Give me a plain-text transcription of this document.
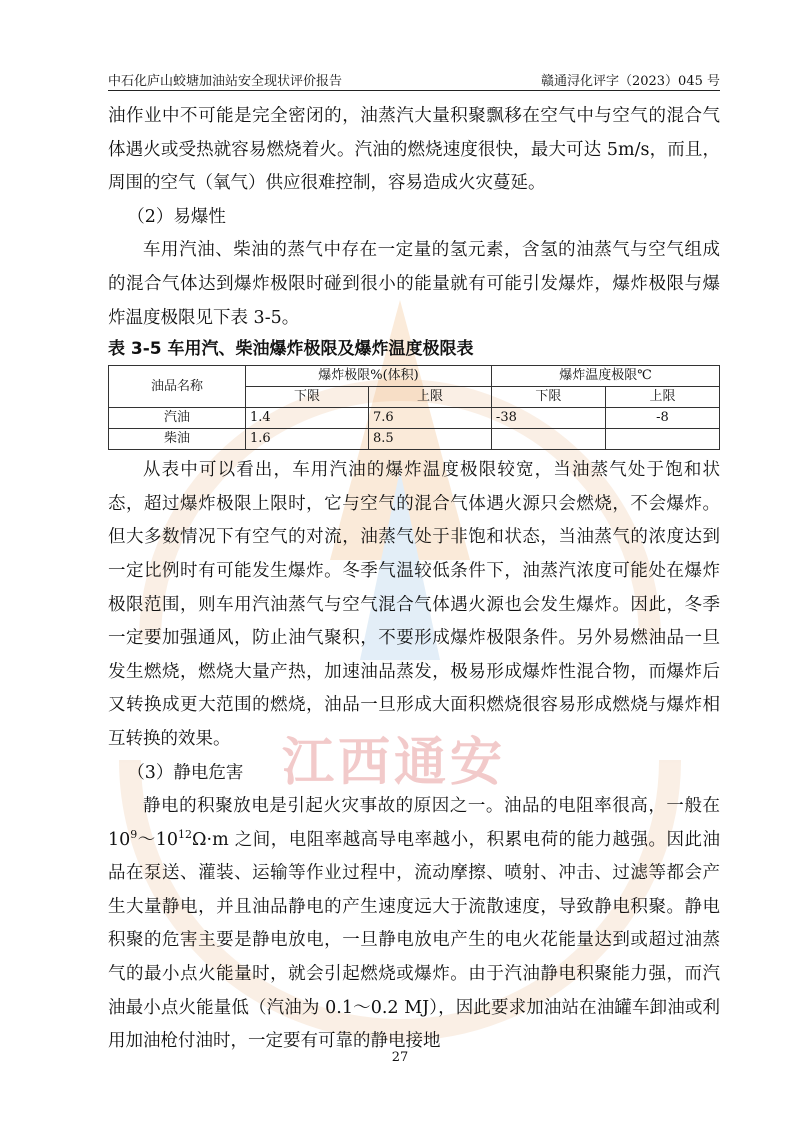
中石化庐山蛟塘加油站安全现状评价报告	赣通浔化评字（2023）045 号

油作业中不可能是完全密闭的，油蒸汽大量积聚飘移在空气中与空气的混合气体遇火或受热就容易燃烧着火。汽油的燃烧速度很快，最大可达 5m/s，而且，周围的空气（氧气）供应很难控制，容易造成火灾蔓延。

（2）易爆性

车用汽油、柴油的蒸气中存在一定量的氢元素，含氢的油蒸气与空气组成的混合气体达到爆炸极限时碰到很小的能量就有可能引发爆炸，爆炸极限与爆炸温度极限见下表 3-5。

表 3-5 车用汽、柴油爆炸极限及爆炸温度极限表

油品名称	爆炸极限%(体积)		爆炸温度极限℃	
	下限	上限	下限	上限
汽油	1.4	7.6	-38	-8
柴油	1.6	8.5		

从表中可以看出，车用汽油的爆炸温度极限较宽，当油蒸气处于饱和状态，超过爆炸极限上限时，它与空气的混合气体遇火源只会燃烧，不会爆炸。但大多数情况下有空气的对流，油蒸气处于非饱和状态，当油蒸气的浓度达到一定比例时有可能发生爆炸。冬季气温较低条件下，油蒸汽浓度可能处在爆炸极限范围，则车用汽油蒸气与空气混合气体遇火源也会发生爆炸。因此，冬季一定要加强通风，防止油气聚积，不要形成爆炸极限条件。另外易燃油品一旦发生燃烧，燃烧大量产热，加速油品蒸发，极易形成爆炸性混合物，而爆炸后又转换成更大范围的燃烧，油品一旦形成大面积燃烧很容易形成燃烧与爆炸相互转换的效果。

（3）静电危害

静电的积聚放电是引起火灾事故的原因之一。油品的电阻率很高，一般在 $10^9\sim 10^{12}\Omega\cdot m$ 之间，电阻率越高导电率越小，积累电荷的能力越强。因此油品在泵送、灌装、运输等作业过程中，流动摩擦、喷射、冲击、过滤等都会产生大量静电，并且油品静电的产生速度远大于流散速度，导致静电积聚。静电积聚的危害主要是静电放电，一旦静电放电产生的电火花能量达到或超过油蒸气的最小点火能量时，就会引起燃烧或爆炸。由于汽油静电积聚能力强，而汽油最小点火能量低（汽油为 0.1～0.2 MJ），因此要求加油站在油罐车卸油或利用加油枪付油时，一定要有可靠的静电接地

江西通安
27
